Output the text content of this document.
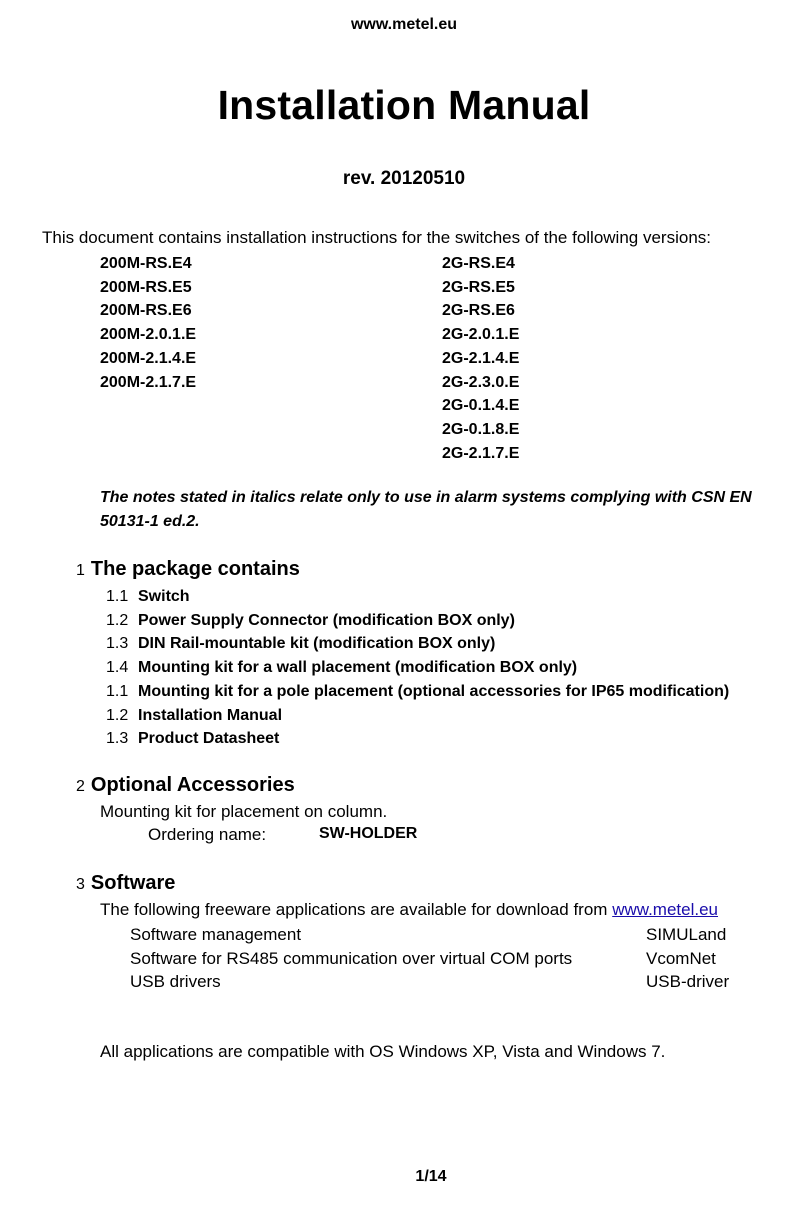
www.metel.eu
Installation Manual
rev. 20120510
This document contains installation instructions for the switches of the following versions:
200M-RS.E4
200M-RS.E5
200M-RS.E6
200M-2.0.1.E
200M-2.1.4.E
200M-2.1.7.E
2G-RS.E4
2G-RS.E5
2G-RS.E6
2G-2.0.1.E
2G-2.1.4.E
2G-2.3.0.E
2G-0.1.4.E
2G-0.1.8.E
2G-2.1.7.E
The notes stated in italics relate only to use in alarm systems complying with CSN EN 50131-1 ed.2.
1 The package contains
1.1 Switch
1.2 Power Supply Connector (modification BOX only)
1.3 DIN Rail-mountable kit (modification BOX only)
1.4 Mounting kit for a wall placement (modification BOX only)
1.1 Mounting kit for a pole placement (optional accessories for IP65 modification)
1.2 Installation Manual
1.3 Product Datasheet
2 Optional Accessories
Mounting kit for placement on column.
Ordering name:	SW-HOLDER
3 Software
The following freeware applications are available for download from www.metel.eu
Software management	SIMULand
Software for RS485 communication over virtual COM ports	VcomNet
USB drivers	USB-driver
All applications are compatible with OS Windows XP, Vista and Windows 7.
1/14
